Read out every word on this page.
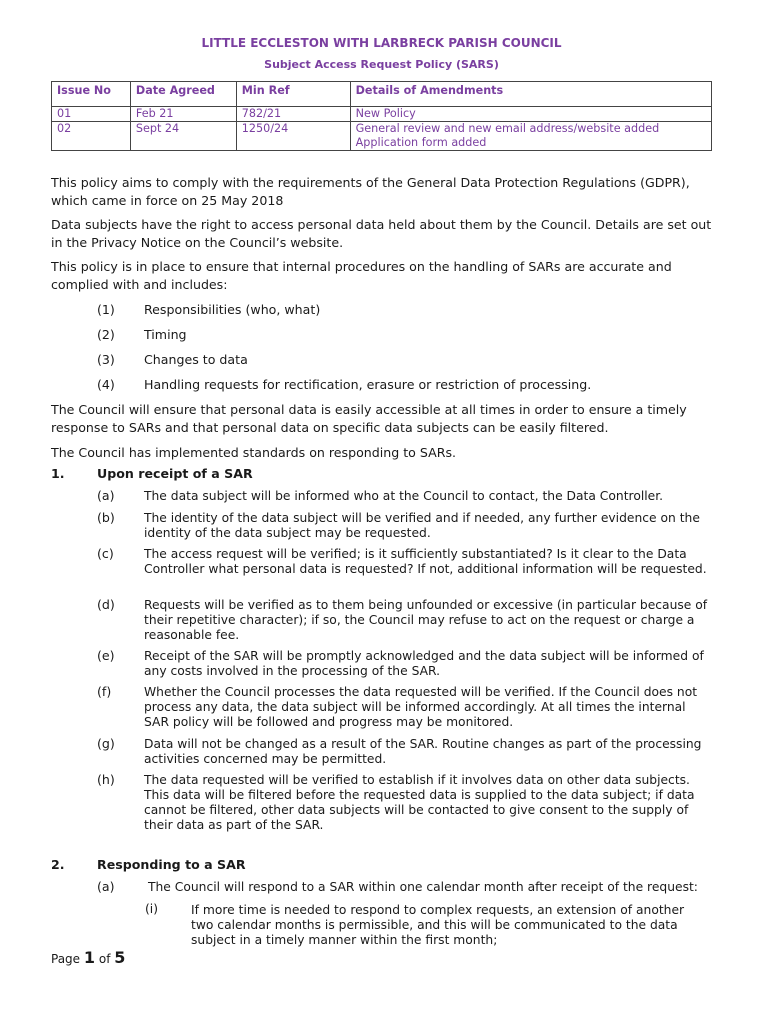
LITTLE ECCLESTON WITH LARBRECK PARISH COUNCIL
Subject Access Request Policy (SARS)
Issue No	Date Agreed	Min Ref	Details of Amendments
01	Feb 21	782/21	New Policy
02	Sept 24	1250/24	General review and new email address/website added
Application form added

This policy aims to comply with the requirements of the General Data Protection Regulations (GDPR), which came in force on 25 May 2018

Data subjects have the right to access personal data held about them by the Council. Details are set out in the Privacy Notice on the Council’s website.

This policy is in place to ensure that internal procedures on the handling of SARs are accurate and complied with and includes:

(1) Responsibilities (who, what)
(2) Timing
(3) Changes to data
(4) Handling requests for rectification, erasure or restriction of processing.

The Council will ensure that personal data is easily accessible at all times in order to ensure a timely response to SARs and that personal data on specific data subjects can be easily filtered.

The Council has implemented standards on responding to SARs.

1.	Upon receipt of a SAR
(a) The data subject will be informed who at the Council to contact, the Data Controller.

(b) The identity of the data subject will be verified and if needed, any further evidence on the identity of the data subject may be requested.

(c) The access request will be verified; is it sufficiently substantiated? Is it clear to the Data Controller what personal data is requested? If not, additional information will be requested.

(d) Requests will be verified as to them being unfounded or excessive (in particular because of their repetitive character); if so, the Council may refuse to act on the request or charge a reasonable fee.

(e) Receipt of the SAR will be promptly acknowledged and the data subject will be informed of any costs involved in the processing of the SAR.

(f)	Whether the Council processes the data requested will be verified. If the Council does not process any data, the data subject will be informed accordingly. At all times the internal SAR policy will be followed and progress may be monitored.

(g) Data will not be changed as a result of the SAR. Routine changes as part of the processing activities concerned may be permitted.

(h) The data requested will be verified to establish if it involves data on other data subjects. This data will be filtered before the requested data is supplied to the data subject; if data cannot be filtered, other data subjects will be contacted to give consent to the supply of their data as part of the SAR.

2.	Responding to a SAR
(a)	The Council will respond to a SAR within one calendar month after receipt of the request:

(i)	If more time is needed to respond to complex requests, an extension of another two calendar months is permissible, and this will be communicated to the data subject in a timely manner within the first month;

Page 1 of 5
